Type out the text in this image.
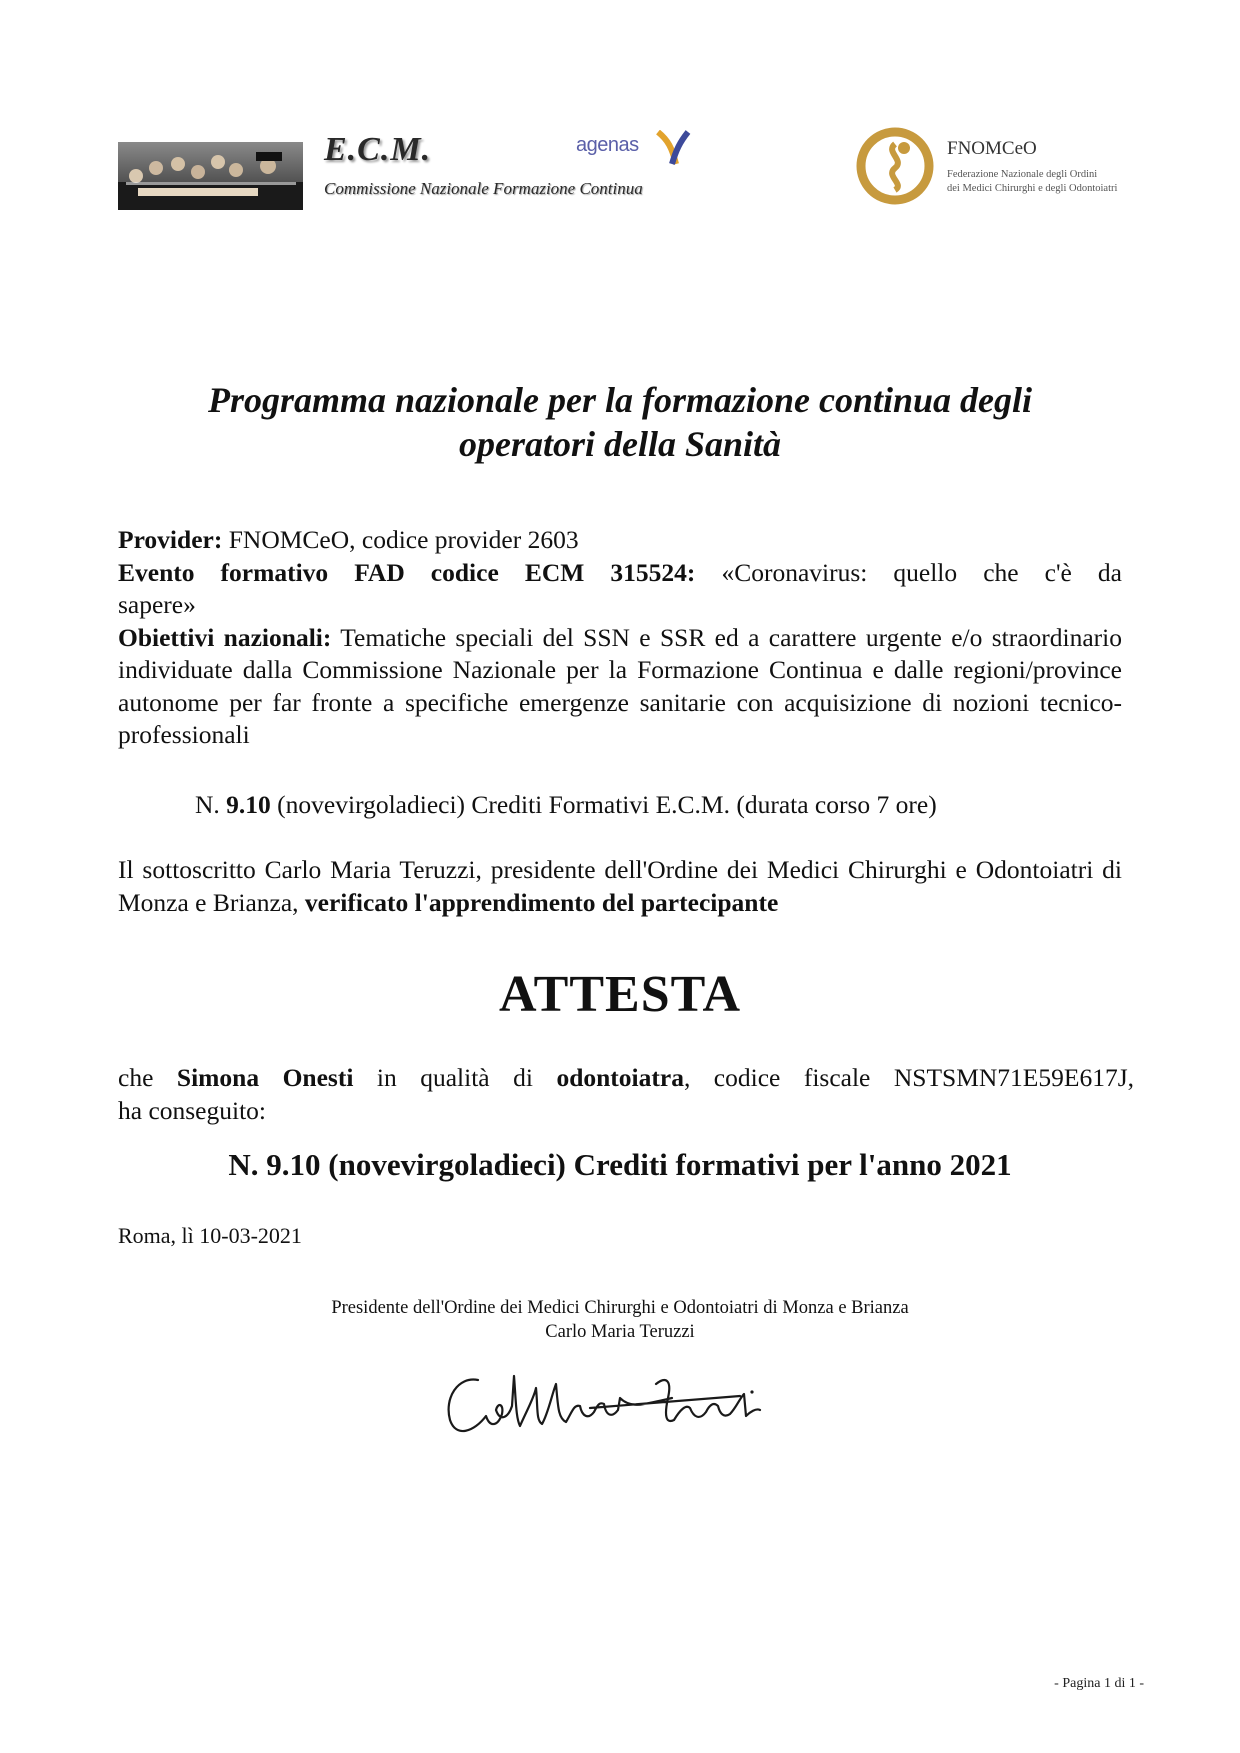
E.C.M.
Commissione Nazionale Formazione Continua
agenas	FNOMCeO
Federazione Nazionale degli Ordini
dei Medici Chirurghi e degli Odontoiatri
Programma nazionale per la formazione continua degli
operatori della Sanità

Provider: FNOMCeO, codice provider 2603

Evento formativo FAD codice ECM 315524: «Coronavirus: quello che c'è da

sapere»

Obiettivi nazionali: Tematiche speciali del SSN e SSR ed a carattere urgente e/o straordinario individuate dalla Commissione Nazionale per la Formazione Continua e dalle regioni/province autonome per far fronte a specifiche emergenze sanitarie con acquisizione di nozioni tecnico-professionali

N. 9.10 (novevirgoladieci) Crediti Formativi E.C.M. (durata corso 7 ore)

Il sottoscritto Carlo Maria Teruzzi, presidente dell'Ordine dei Medici Chirurghi e Odontoiatri di Monza e Brianza, verificato l'apprendimento del partecipante

ATTESTA

che Simona Onesti in qualità di odontoiatra, codice fiscale NSTSMN71E59E617J,
ha conseguito:

N. 9.10 (novevirgoladieci) Crediti formativi per l'anno 2021
Roma, lì 10-03-2021
Presidente dell'Ordine dei Medici Chirurghi e Odontoiatri di Monza e Brianza
Carlo Maria Teruzzi
- Pagina 1 di 1 -
